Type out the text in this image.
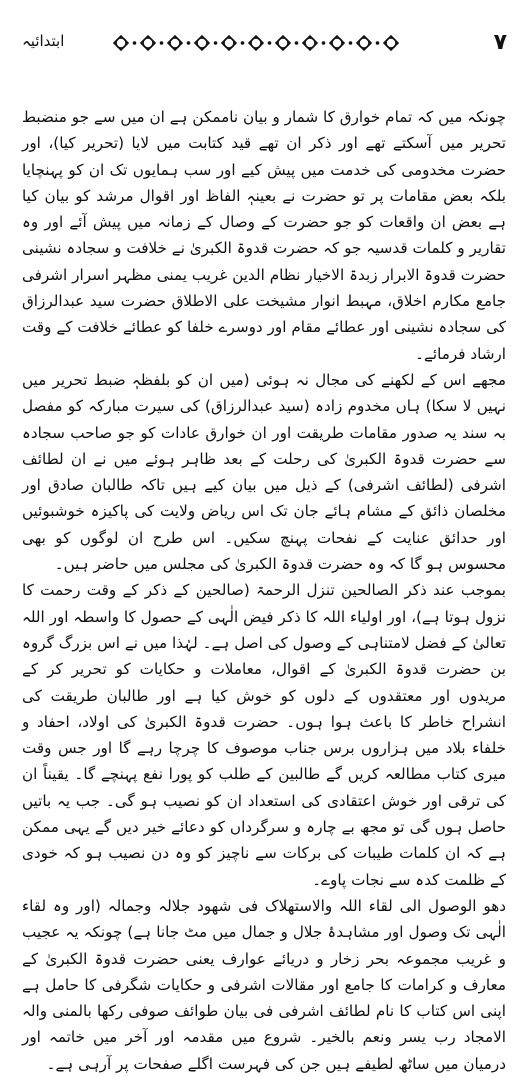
ابتدائیہ	٧

چونکہ میں کہ تمام خوارق کا شمار و بیان ناممکن ہے ان میں سے جو منضبط تحریر میں آسکتے تھے اور ذکر ان تھے قید کتابت میں لایا (تحریر کیا)، اور حضرت مخدومی کی خدمت میں پیش کیے اور سب ہمایوں تک ان کو پہنچایا بلکہ بعض مقامات پر تو حضرت نے بعینہٖ الفاظ اور اقوال مرشد کو بیان کیا ہے بعض ان واقعات کو جو حضرت کے وصال کے زمانہ میں پیش آئے اور وہ تقاریر و کلمات قدسیہ جو کہ حضرت قدوۃ الکبریٰ نے خلافت و سجادہ نشینی حضرت قدوۃ الابرار زبدۃ الاخیار نظام الدین غریب یمنی مظہر اسرار اشرفی جامع مکارم اخلاق، مہبط انوار مشیخت علی الاطلاق حضرت سید عبدالرزاق کی سجادہ نشینی اور عطائے مقام اور دوسرے خلفا کو عطائے خلافت کے وقت ارشاد فرمائے۔

مجھے اس کے لکھنے کی مجال نہ ہوئی (میں ان کو بلفظہٖ ضبط تحریر میں نہیں لا سکا) ہاں مخدوم زادہ (سید عبدالرزاق) کی سیرت مبارکہ کو مفصل بہ سند یہ صدور مقامات طریقت اور ان خوارق عادات کو جو صاحب سجادہ سے حضرت قدوۃ الکبریٰ کی رحلت کے بعد ظاہر ہوئے میں نے ان لطائف اشرفی (لطائف اشرفی) کے ذیل میں بیان کیے ہیں تاکہ طالبان صادق اور مخلصان ذائق کے مشام ہائے جان تک اس ریاض ولایت کی پاکیزہ خوشبوئیں اور حدائق عنایت کے نفحات پہنچ سکیں۔ اس طرح ان لوگوں کو بھی محسوس ہو گا کہ وہ حضرت قدوۃ الکبریٰ کی مجلس میں حاضر ہیں۔

بموجب عند ذکر الصالحین تنزل الرحمۃ (صالحین کے ذکر کے وقت رحمت کا نزول ہوتا ہے)، اور اولیاء اللہ کا ذکر فیض الٰہی کے حصول کا واسطہ اور اللہ تعالیٰ کے فضل لامتناہی کے وصول کی اصل ہے۔ لہٰذا میں نے اس بزرگ گروہ بن حضرت قدوۃ الکبریٰ کے اقوال، معاملات و حکایات کو تحریر کر کے مریدوں اور معتقدوں کے دلوں کو خوش کیا ہے اور طالبان طریقت کی انشراح خاطر کا باعث ہوا ہوں۔ حضرت قدوۃ الکبریٰ کی اولاد، احفاد و خلفاء بلاد میں ہزاروں برس جناب موصوف کا چرچا رہے گا اور جس وقت میری کتاب مطالعہ کریں گے طالبین کے طلب کو پورا نفع پہنچے گا۔ یقیناً ان کی ترقی اور خوش اعتقادی کی استعداد ان کو نصیب ہو گی۔ جب یہ باتیں حاصل ہوں گی تو مجھ بے چارہ و سرگرداں کو دعائے خیر دیں گے یہی ممکن ہے کہ ان کلمات طیبات کی برکات سے ناچیز کو وہ دن نصیب ہو کہ خودی کے ظلمت کدہ سے نجات پاوے۔

دھو الوصول الی لقاء اللہ والاستھلاک فی شھود جلالہ وجمالہ (اور وہ لقاء الٰہی تک وصول اور مشاہدۂ جلال و جمال میں مٹ جانا ہے) چونکہ یہ عجیب و غریب مجموعہ بحر زخار و دریائے عوارف یعنی حضرت قدوۃ الکبریٰ کے معارف و کرامات کا جامع اور مقالات اشرفی و حکایات شگرفی کا حامل ہے اپنی اس کتاب کا نام لطائف اشرفی فی بیان طوائف صوفی رکھا بالمنی والہ الامجاد رب یسر ونعم بالخیر۔ شروع میں مقدمہ اور آخر میں خاتمہ اور درمیان میں ساٹھ لطیفے ہیں جن کی فہرست اگلے صفحات پر آرہی ہے۔
